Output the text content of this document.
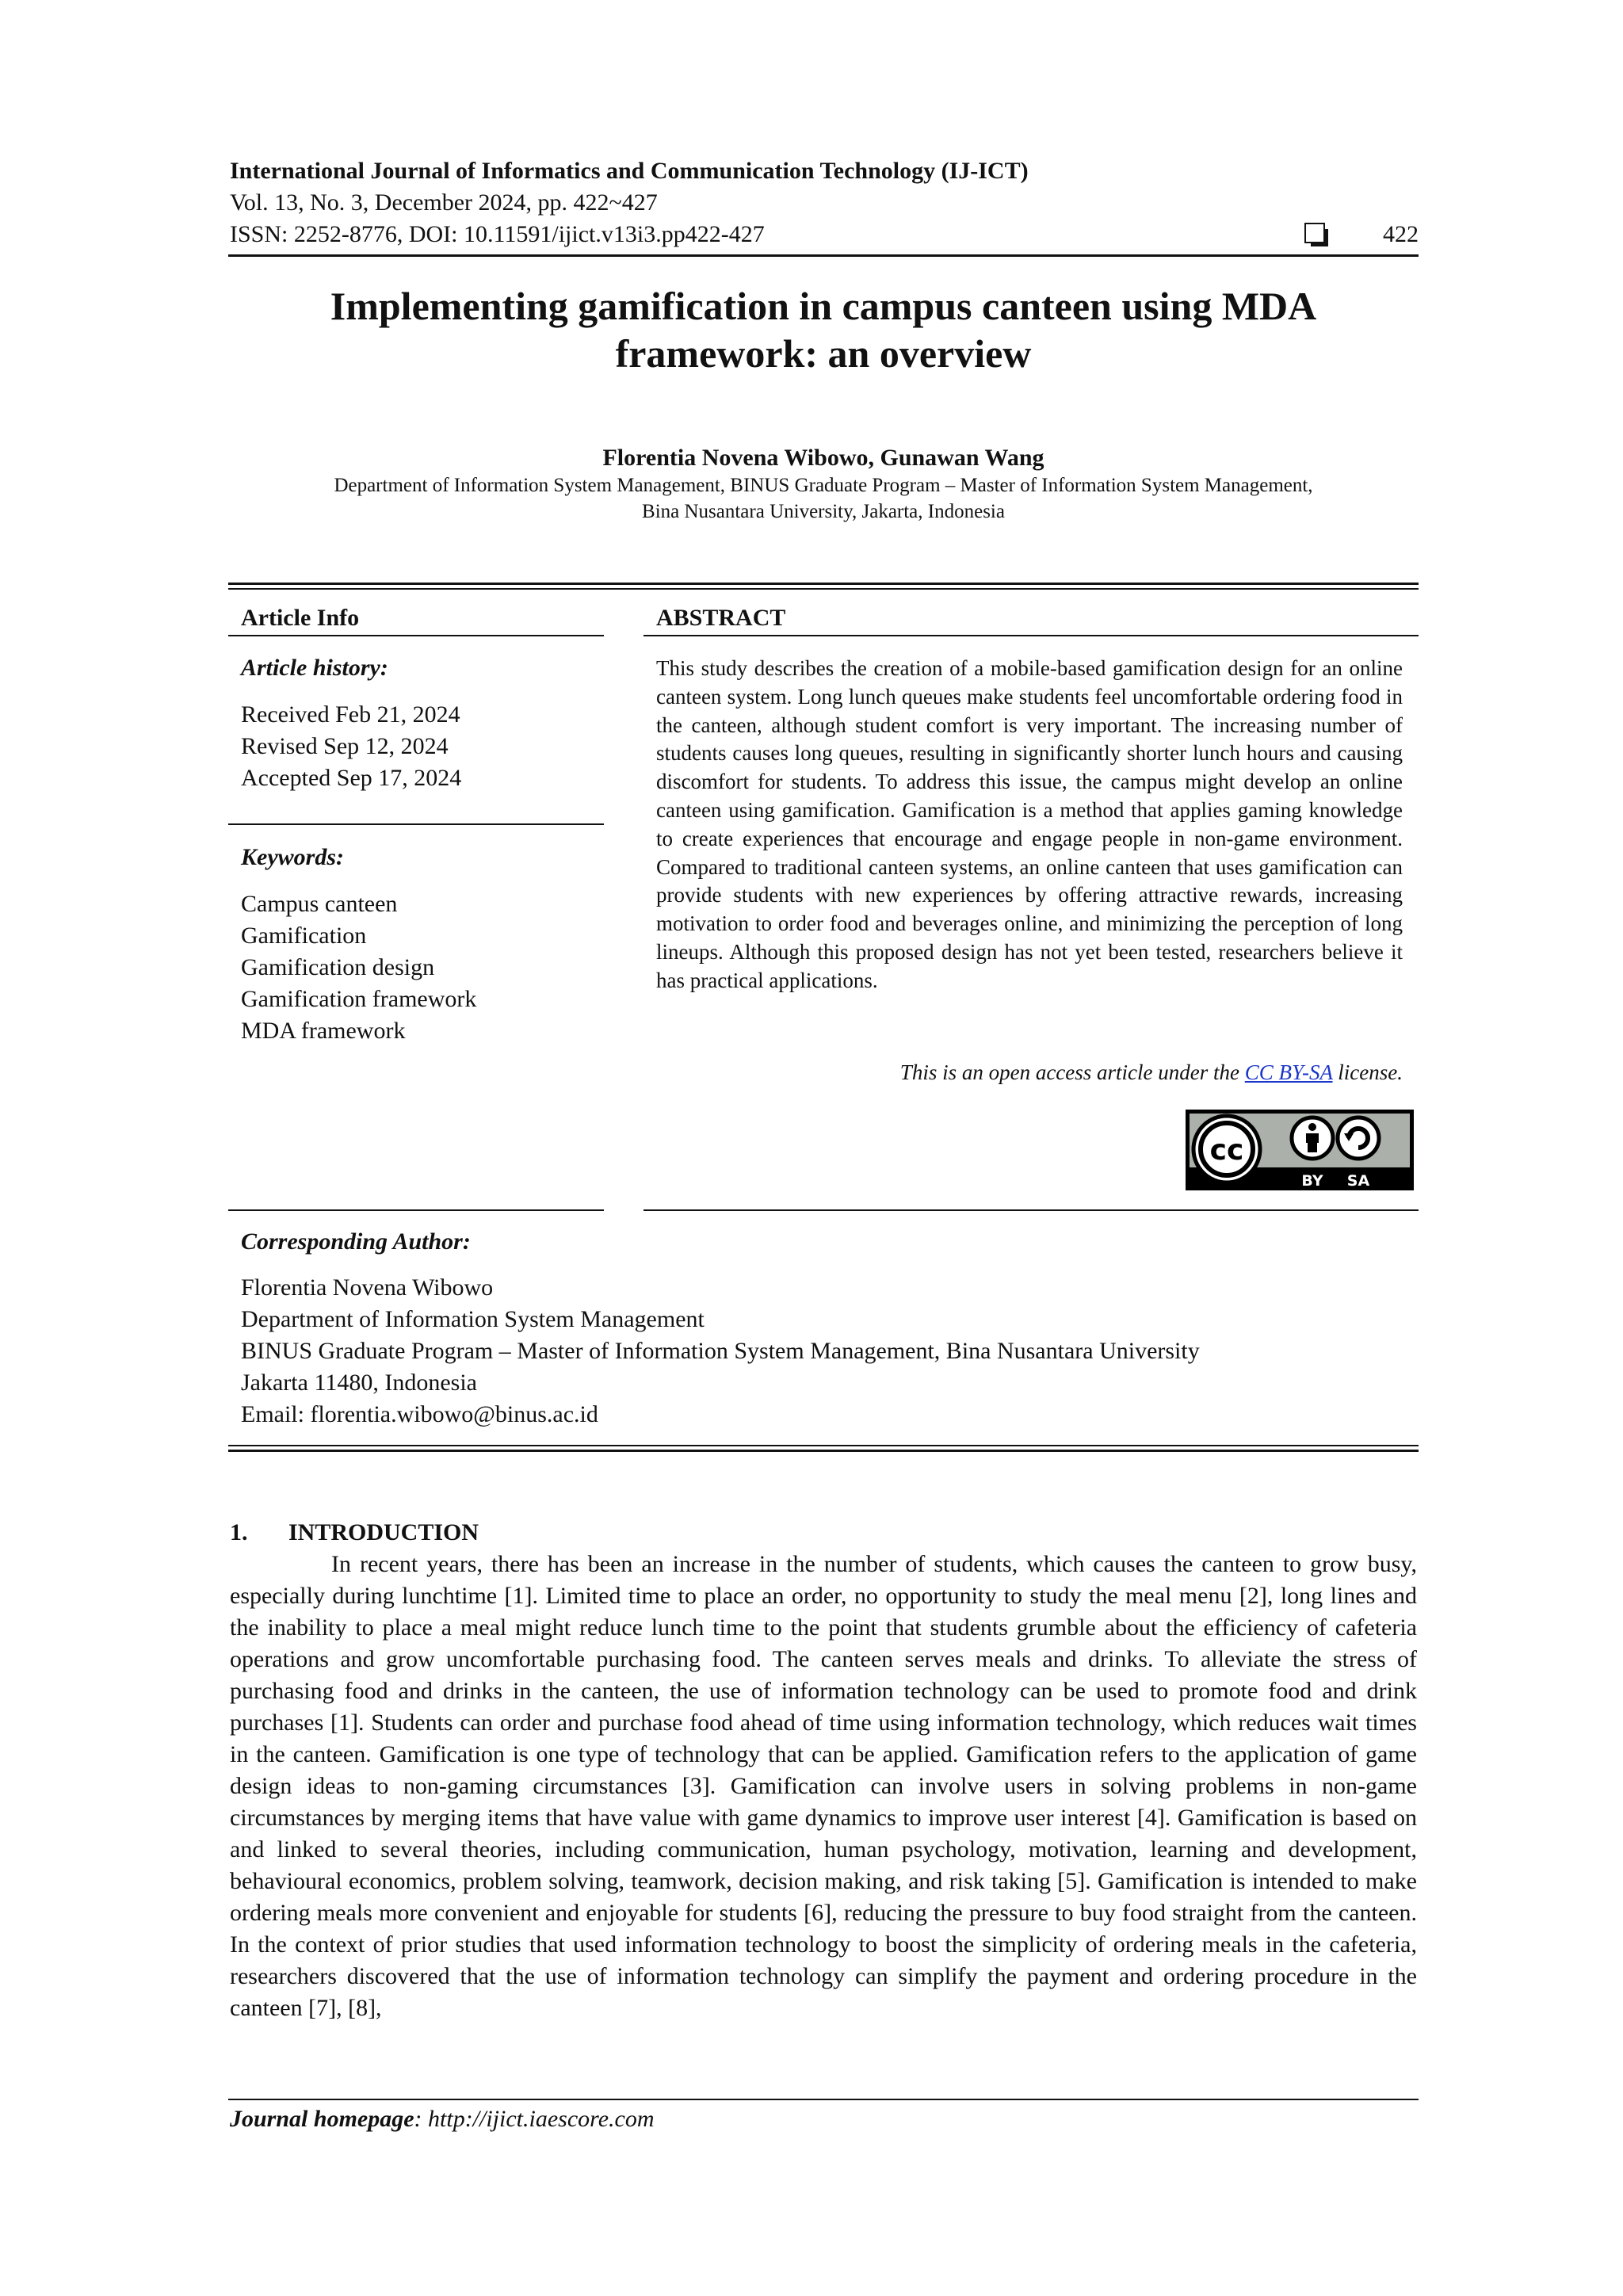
International Journal of Informatics and Communication Technology (IJ-ICT)
Vol. 13, No. 3, December 2024, pp. 422~427
ISSN: 2252-8776, DOI: 10.11591/ijict.v13i3.pp422-427	422
Implementing gamification in campus canteen using MDA
framework: an overview
Florentia Novena Wibowo, Gunawan Wang
Department of Information System Management, BINUS Graduate Program – Master of Information System Management,
Bina Nusantara University, Jakarta, Indonesia
Article Info
Article history:
Received Feb 21, 2024
Revised Sep 12, 2024
Accepted Sep 17, 2024
Keywords:
Campus canteen
Gamification
Gamification design
Gamification framework
MDA framework
ABSTRACT

This study describes the creation of a mobile-based gamification design for an online canteen system. Long lunch queues make students feel uncomfortable ordering food in the canteen, although student comfort is very important. The increasing number of students causes long queues, resulting in significantly shorter lunch hours and causing discomfort for students. To address this issue, the campus might develop an online canteen using gamification. Gamification is a method that applies gaming knowledge to create experiences that encourage and engage people in non-game environment. Compared to traditional canteen systems, an online canteen that uses gamification can provide students with new experiences by offering attractive rewards, increasing motivation to order food and beverages online, and minimizing the perception of long lineups. Although this proposed design has not yet been tested, researchers believe it has practical applications.

This is an open access article under the CC BY-SA license.
cc
BY SA
Corresponding Author:
Florentia Novena Wibowo
Department of Information System Management
BINUS Graduate Program – Master of Information System Management, Bina Nusantara University
Jakarta 11480, Indonesia
Email: florentia.wibowo@binus.ac.id
1. INTRODUCTION

In recent years, there has been an increase in the number of students, which causes the canteen to grow busy, especially during lunchtime [1]. Limited time to place an order, no opportunity to study the meal menu [2], long lines and the inability to place a meal might reduce lunch time to the point that students grumble about the efficiency of cafeteria operations and grow uncomfortable purchasing food. The canteen serves meals and drinks. To alleviate the stress of purchasing food and drinks in the canteen, the use of information technology can be used to promote food and drink purchases [1]. Students can order and purchase food ahead of time using information technology, which reduces wait times in the canteen. Gamification is one type of technology that can be applied. Gamification refers to the application of game design ideas to non-gaming circumstances [3]. Gamification can involve users in solving problems in non-game circumstances by merging items that have value with game dynamics to improve user interest [4]. Gamification is based on and linked to several theories, including communication, human psychology, motivation, learning and development, behavioural economics, problem solving, teamwork, decision making, and risk taking [5]. Gamification is intended to make ordering meals more convenient and enjoyable for students [6], reducing the pressure to buy food straight from the canteen. In the context of prior studies that used information technology to boost the simplicity of ordering meals in the cafeteria, researchers discovered that the use of information technology can simplify the payment and ordering procedure in the canteen [7], [8],

Journal homepage: http://ijict.iaescore.com
